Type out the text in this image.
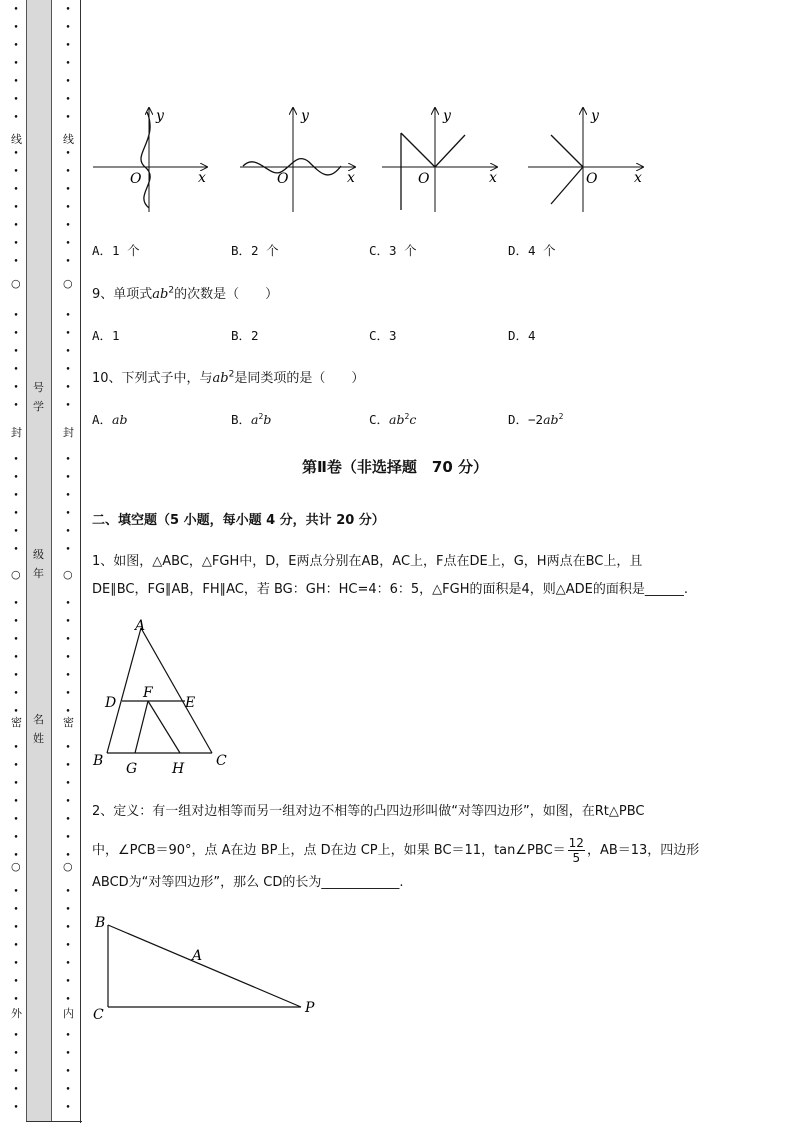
•
•
•
•
•
•
•
•
•
•
•
•
•
•
•
•
•
•
•
•
•
•
•
•
•
•
•
•
•
•
•
•
•
•
•
•
•
•
•
•
•
•
•
•
•
•
•
•
•
•
•
•
•
•
•
•
•
•
•
•
•
•
•
•
•
•
•
•
•
•
•
•
•
•
•
•
•
•
•
•
•
•
•
•
•
•
•
•
•
•
•
•
•
•
•
•
•
•
•
•
•
•
•
•
线
封
密
外
线
封
密
内
○
○
○
○
○
○
号学
级年
名姓
y
x
O
y
x
O
y
x
O
y
x
O
A．1 个	B．2 个	C．3 个	D．4 个
9、单项式$ab^2$的次数是（　　）
A．1	B．2	C．3	D．4
10、下列式子中，与$ab^2$是同类项的是（　　）
A．ab	B．$a^2b$	C．$ab^2c$	D．$-2ab^2$
第Ⅱ卷（非选择题　70 分）
二、填空题（5 小题，每小题 4 分，共计 20 分）
1、如图，△ABC，△FGH中，D，E两点分别在AB，AC上，F点在DE上，G，H两点在BC上，且
DE∥BC，FG∥AB，FH∥AC，若 BG：GH：HC=4：6：5，△FGH的面积是4，则△ADE的面积是______.
A
B	C
D	E
F
G H
2、定义：有一组对边相等而另一组对边不相等的凸四边形叫做“对等四边形”，如图，在Rt△PBC
中，∠PCB＝90°，点 A在边 BP上，点 D在边 CP上，如果 BC＝11，tan∠PBC＝ $\frac{12}{5}$ ，AB＝13，四边形
ABCD为“对等四边形”，那么 CD的长为____________.
B
C
A
P
